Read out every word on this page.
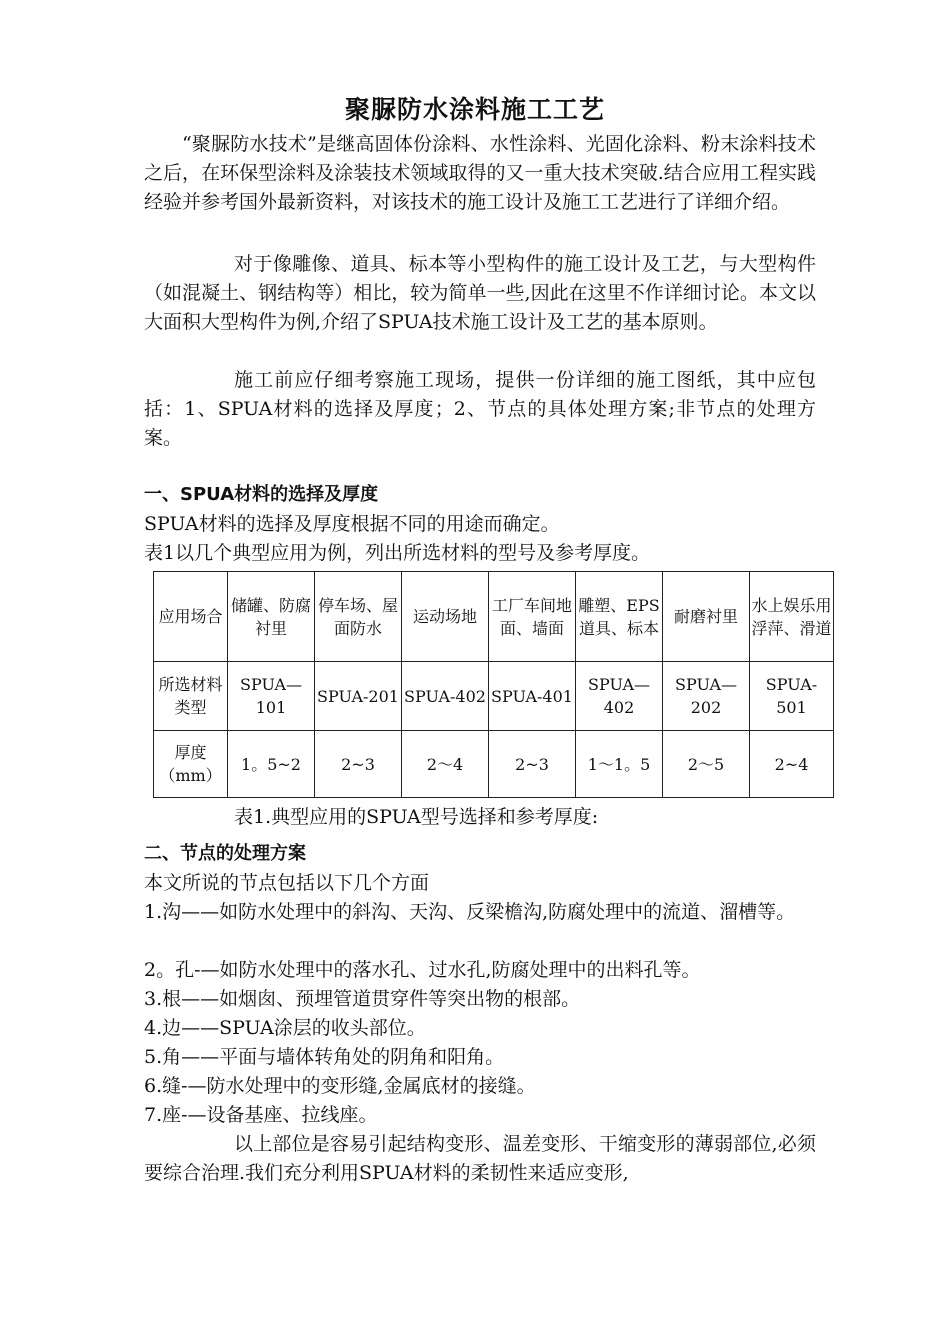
聚脲防水涂料施工工艺

“聚脲防水技术”是继高固体份涂料、水性涂料、光固化涂料、粉末涂料技术之后，在环保型涂料及涂装技术领域取得的又一重大技术突破.结合应用工程实践经验并参考国外最新资料，对该技术的施工设计及施工工艺进行了详细介绍。

对于像雕像、道具、标本等小型构件的施工设计及工艺，与大型构件（如混凝土、钢结构等）相比，较为简单一些,因此在这里不作详细讨论。本文以大面积大型构件为例,介绍了SPUA技术施工设计及工艺的基本原则。

施工前应仔细考察施工现场，提供一份详细的施工图纸，其中应包括：1、SPUA材料的选择及厚度；2、节点的具体处理方案;非节点的处理方案。

一、SPUA材料的选择及厚度
SPUA材料的选择及厚度根据不同的用途而确定。
表1以几个典型应用为例，列出所选材料的型号及参考厚度。
应用场合	储罐、防腐衬里	停车场、屋面防水	运动场地	工厂车间地面、墙面	雕塑、EPS道具、标本	耐磨衬里	水上娱乐用浮萍、滑道
所选材料类型	SPUA—101	SPUA-201	SPUA-402	SPUA-401	SPUA—402	SPUA—202	SPUA-501
厚度（mm）	1。5~2	2~3	2～4	2~3	1～1。5	2～5	2~4
表1.典型应用的SPUA型号选择和参考厚度:
二、节点的处理方案
本文所说的节点包括以下几个方面

1.沟——如防水处理中的斜沟、天沟、反梁檐沟,防腐处理中的流道、溜槽等。

2。孔-—如防水处理中的落水孔、过水孔,防腐处理中的出料孔等。
3.根——如烟囱、预埋管道贯穿件等突出物的根部。
4.边——SPUA涂层的收头部位。
5.角——平面与墙体转角处的阴角和阳角。
6.缝-—防水处理中的变形缝,金属底材的接缝。
7.座-—设备基座、拉线座。

以上部位是容易引起结构变形、温差变形、干缩变形的薄弱部位,必须要综合治理.我们充分利用SPUA材料的柔韧性来适应变形,
